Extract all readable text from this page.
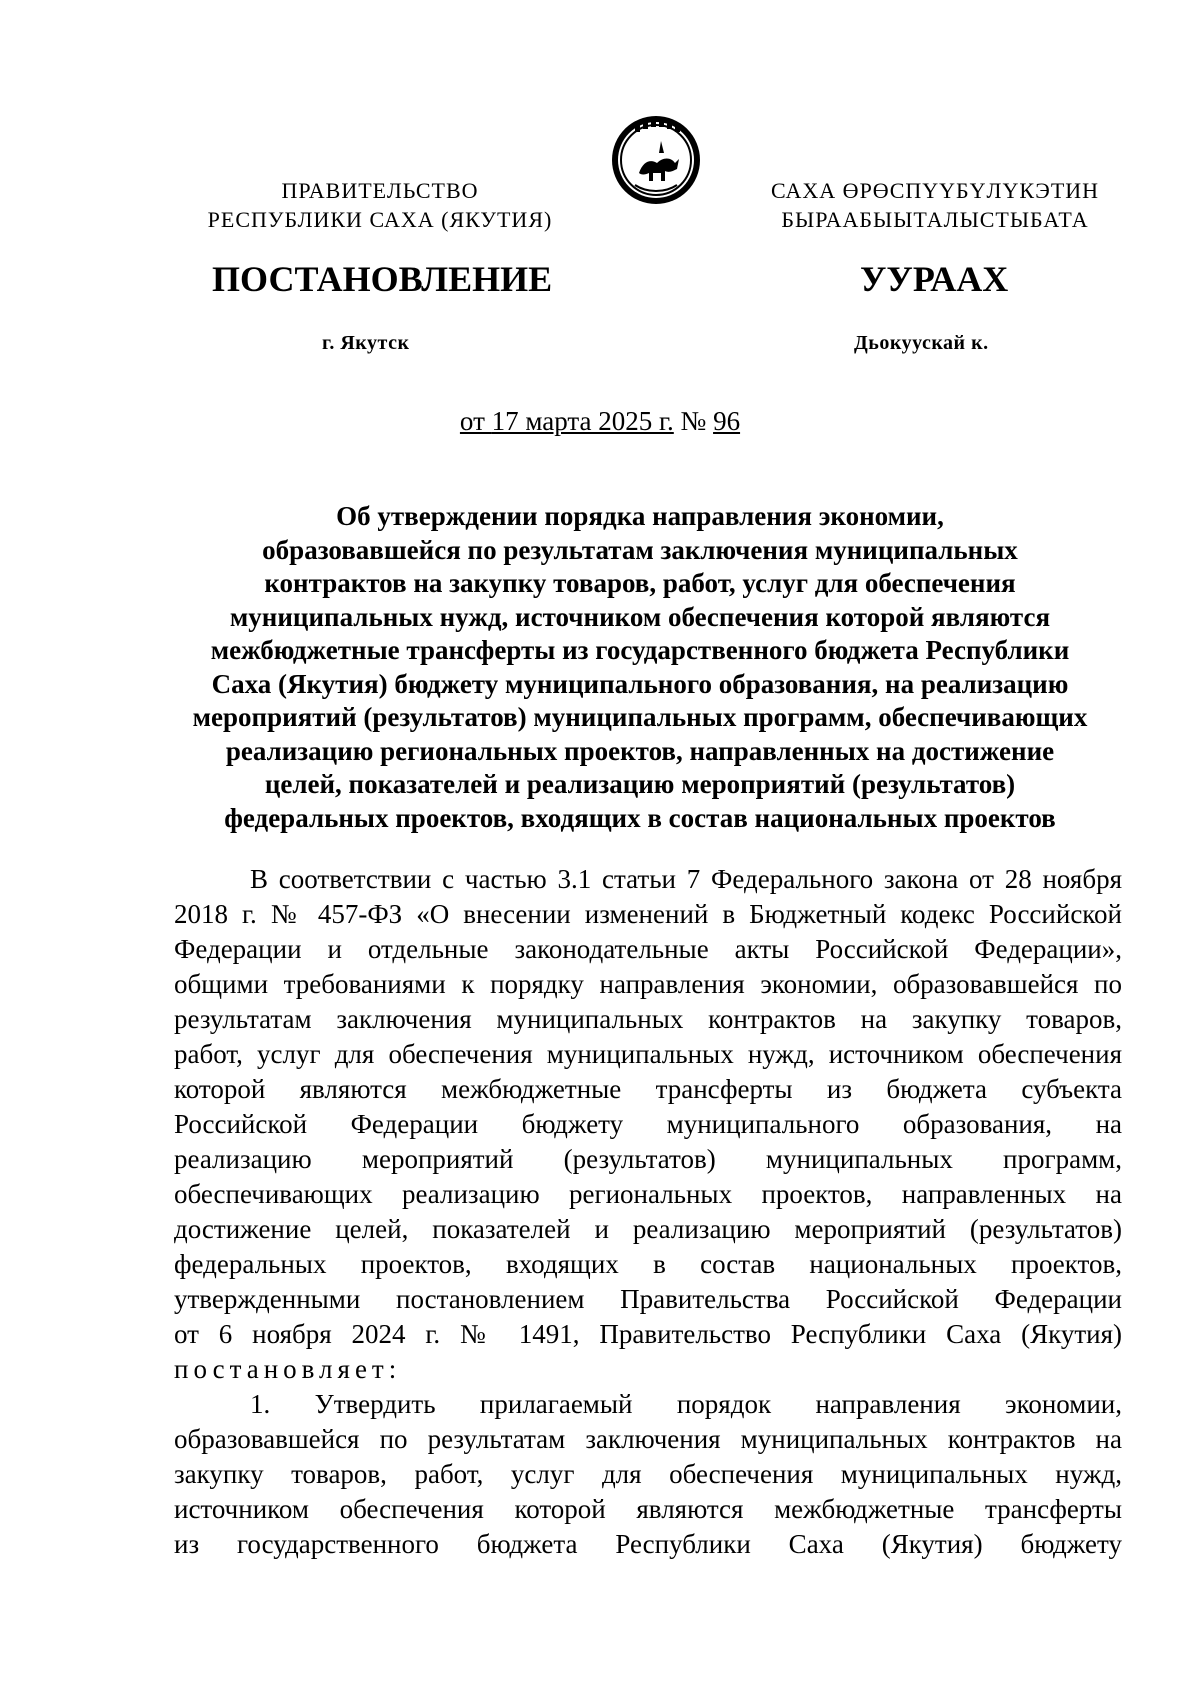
ПРАВИТЕЛЬСТВО
РЕСПУБЛИКИ САХА (ЯКУТИЯ)
САХА ӨРӨСПҮҮБҮЛҮКЭТИН
БЫРААБЫЫТАЛЫСТЫБАТА
ПОСТАНОВЛЕНИЕ	УУРААХ
г. Якутск	Дьокуускай к.
от 17 марта 2025 г. № 96
Об утверждении порядка направления экономии,
образовавшейся по результатам заключения муниципальных
контрактов на закупку товаров, работ, услуг для обеспечения
муниципальных нужд, источником обеспечения которой являются
межбюджетные трансферты из государственного бюджета Республики
Саха (Якутия) бюджету муниципального образования, на реализацию
мероприятий (результатов) муниципальных программ, обеспечивающих
реализацию региональных проектов, направленных на достижение
целей, показателей и реализацию мероприятий (результатов)
федеральных проектов, входящих в состав национальных проектов
В соответствии с частью 3.1 статьи 7 Федерального закона от 28 ноября
2018 г. № 457-ФЗ «О внесении изменений в Бюджетный кодекс Российской
Федерации и отдельные законодательные акты Российской Федерации»,
общими требованиями к порядку направления экономии, образовавшейся по
результатам заключения муниципальных контрактов на закупку товаров,
работ, услуг для обеспечения муниципальных нужд, источником обеспечения
которой являются межбюджетные трансферты из бюджета субъекта
Российской Федерации бюджету муниципального образования, на
реализацию мероприятий (результатов) муниципальных программ,
обеспечивающих реализацию региональных проектов, направленных на
достижение целей, показателей и реализацию мероприятий (результатов)
федеральных проектов, входящих в состав национальных проектов,
утвержденными постановлением Правительства Российской Федерации
от 6 ноября 2024 г. № 1491, Правительство Республики Саха (Якутия)
постановляет:
1. Утвердить прилагаемый порядок направления экономии,
образовавшейся по результатам заключения муниципальных контрактов на
закупку товаров, работ, услуг для обеспечения муниципальных нужд,
источником обеспечения которой являются межбюджетные трансферты
из государственного бюджета Республики Саха (Якутия) бюджету
